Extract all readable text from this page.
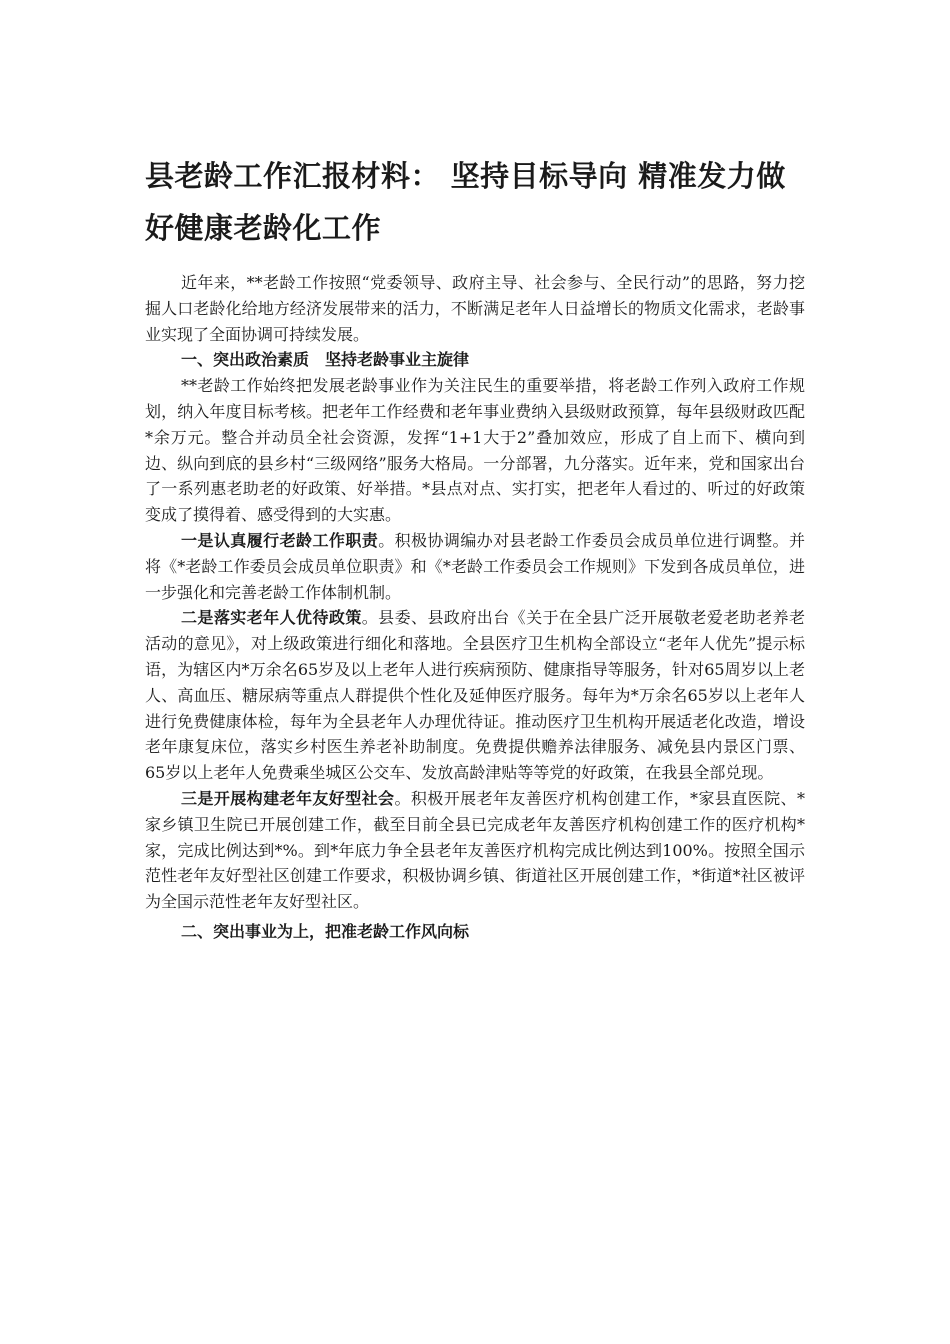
县老龄工作汇报材料： 坚持目标导向 精准发力做好健康老龄化工作

近年来，**老龄工作按照“党委领导、政府主导、社会参与、全民行动”的思路，努力挖掘人口老龄化给地方经济发展带来的活力，不断满足老年人日益增长的物质文化需求，老龄事业实现了全面协调可持续发展。

一、突出政治素质　坚持老龄事业主旋律

**老龄工作始终把发展老龄事业作为关注民生的重要举措，将老龄工作列入政府工作规划，纳入年度目标考核。把老年工作经费和老年事业费纳入县级财政预算，每年县级财政匹配*余万元。整合并动员全社会资源，发挥“1+1大于2”叠加效应，形成了自上而下、横向到边、纵向到底的县乡村“三级网络”服务大格局。一分部署，九分落实。近年来，党和国家出台了一系列惠老助老的好政策、好举措。*县点对点、实打实，把老年人看过的、听过的好政策变成了摸得着、感受得到的大实惠。

一是认真履行老龄工作职责。积极协调编办对县老龄工作委员会成员单位进行调整。并将《*老龄工作委员会成员单位职责》和《*老龄工作委员会工作规则》下发到各成员单位，进一步强化和完善老龄工作体制机制。

二是落实老年人优待政策。县委、县政府出台《关于在全县广泛开展敬老爱老助老养老活动的意见》，对上级政策进行细化和落地。全县医疗卫生机构全部设立“老年人优先”提示标语，为辖区内*万余名65岁及以上老年人进行疾病预防、健康指导等服务，针对65周岁以上老人、高血压、糖尿病等重点人群提供个性化及延伸医疗服务。每年为*万余名65岁以上老年人进行免费健康体检，每年为全县老年人办理优待证。推动医疗卫生机构开展适老化改造，增设老年康复床位，落实乡村医生养老补助制度。免费提供赡养法律服务、减免县内景区门票、65岁以上老年人免费乘坐城区公交车、发放高龄津贴等等党的好政策，在我县全部兑现。

三是开展构建老年友好型社会。积极开展老年友善医疗机构创建工作，*家县直医院、*家乡镇卫生院已开展创建工作，截至目前全县已完成老年友善医疗机构创建工作的医疗机构*家，完成比例达到*%。到*年底力争全县老年友善医疗机构完成比例达到100%。按照全国示范性老年友好型社区创建工作要求，积极协调乡镇、街道社区开展创建工作，*街道*社区被评为全国示范性老年友好型社区。

二、突出事业为上，把准老龄工作风向标
